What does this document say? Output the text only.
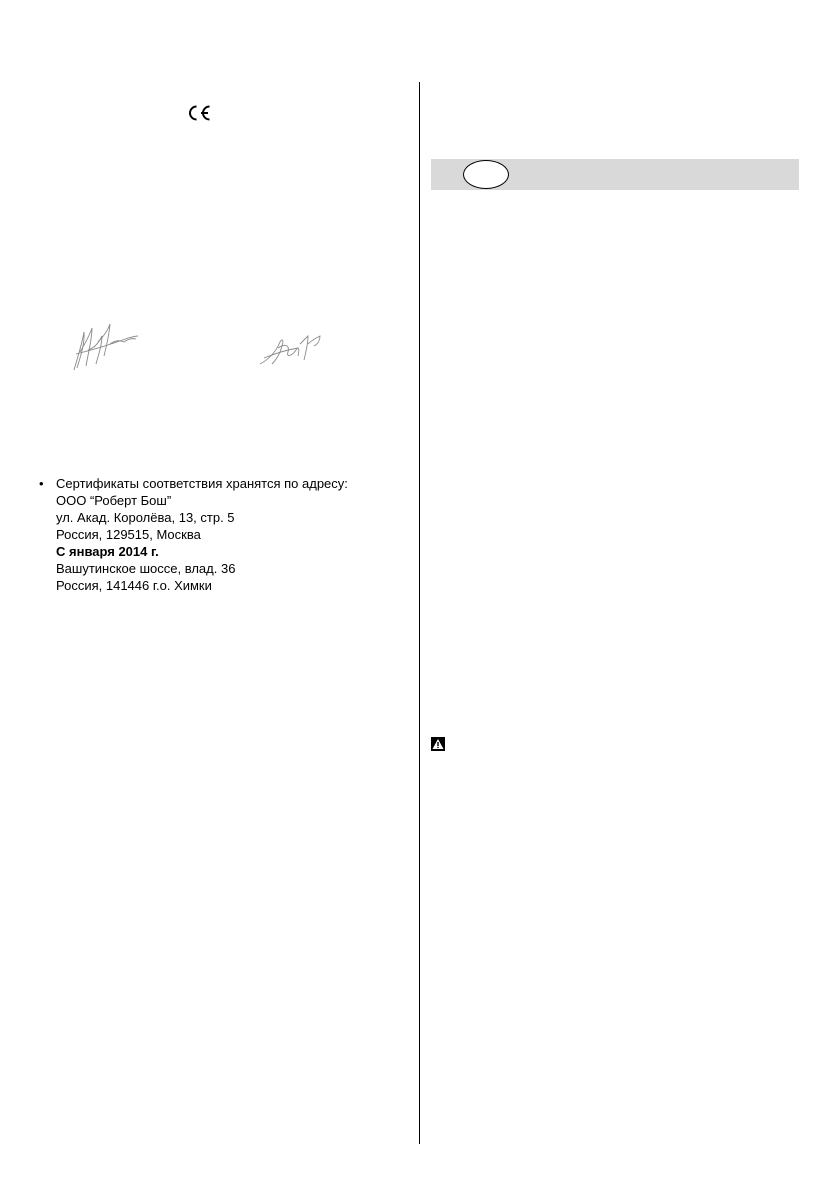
• Сертификаты соответствия хранятся по адресу:
ООО “Роберт Бош”
ул. Акад. Королёва, 13, стр. 5
Россия, 129515, Москва
С января 2014 г.
Вашутинское шоссе, влад. 36
Россия, 141446 г.о. Химки
